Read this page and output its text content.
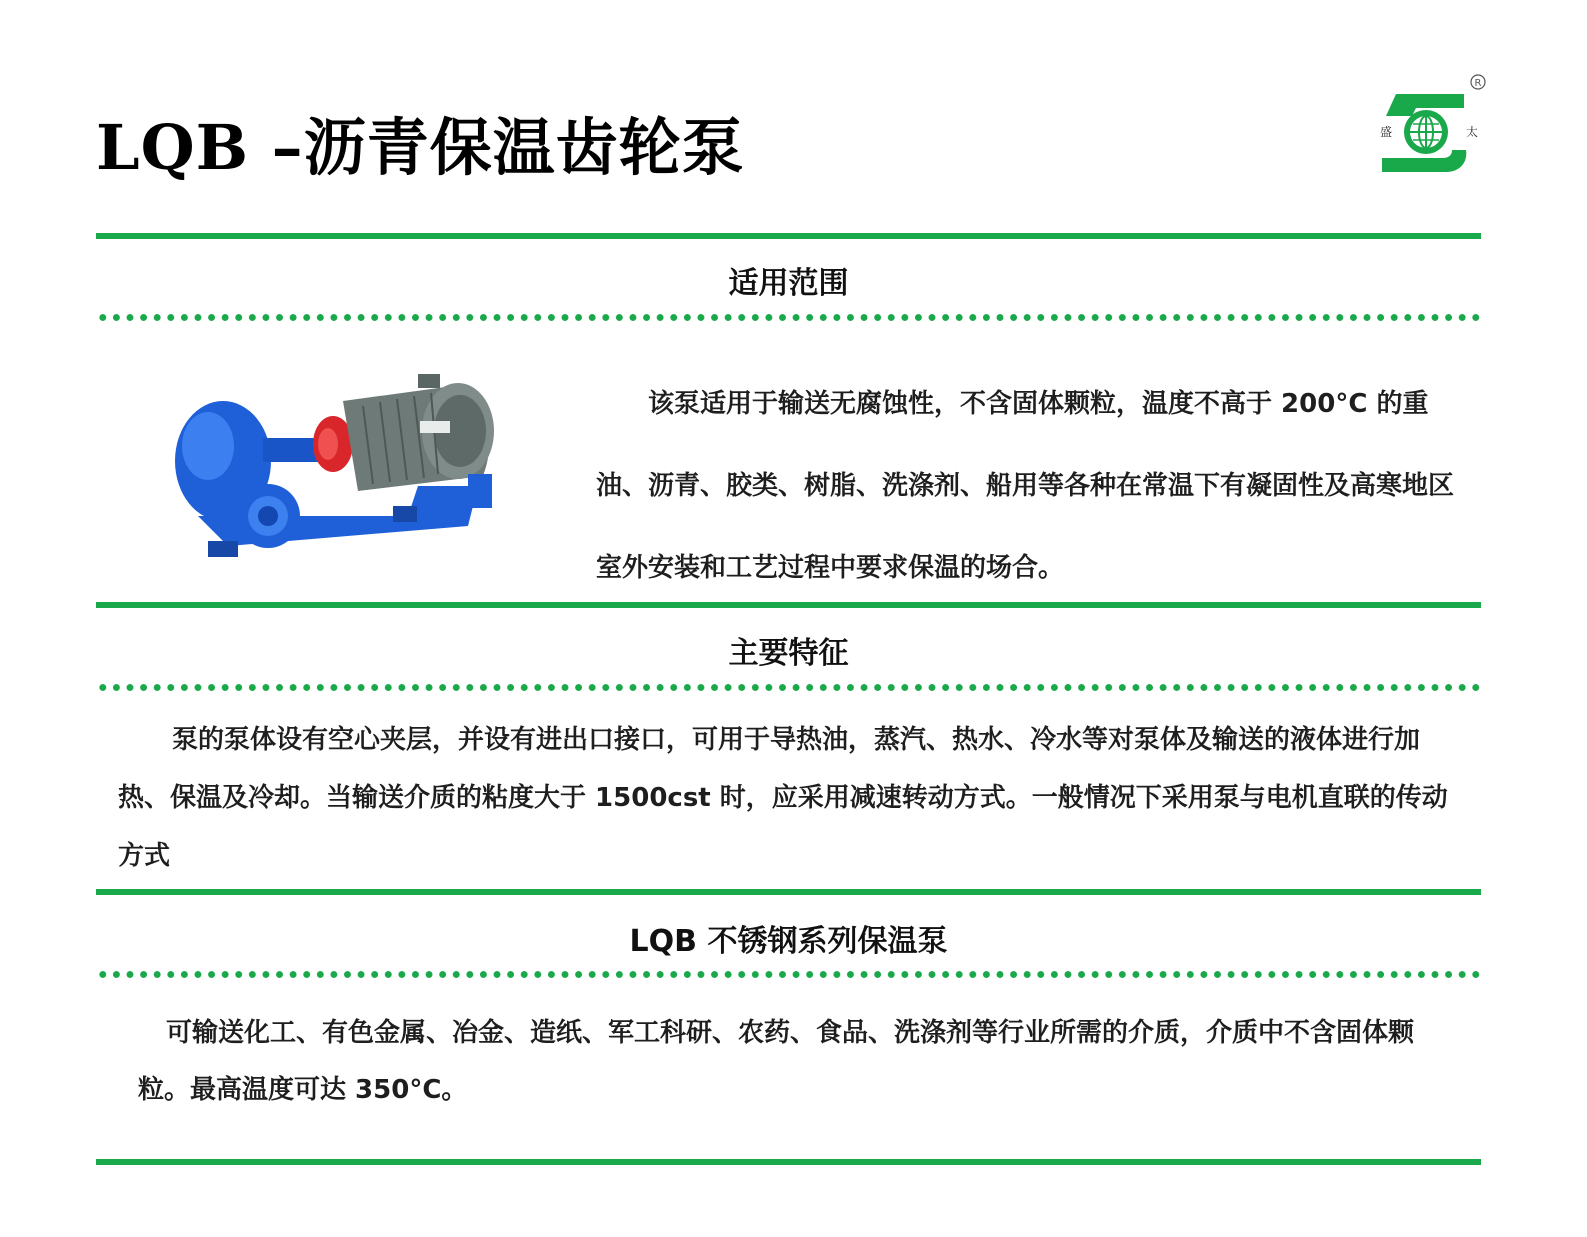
LQB –沥青保温齿轮泵
R
盛	太
适用范围
该泵适用于输送无腐蚀性，不含固体颗粒，温度不高于 200°C 的重油、沥青、胶类、树脂、洗涤剂、船用等各种在常温下有凝固性及高寒地区室外安装和工艺过程中要求保温的场合。
主要特征
泵的泵体设有空心夹层，并设有进出口接口，可用于导热油，蒸汽、热水、冷水等对泵体及输送的液体进行加热、保温及冷却。当输送介质的粘度大于 1500cst 时，应采用减速转动方式。一般情况下采用泵与电机直联的传动方式
LQB 不锈钢系列保温泵
可输送化工、有色金属、冶金、造纸、军工科研、农药、食品、洗涤剂等行业所需的介质，介质中不含固体颗粒。最高温度可达 350°C。
